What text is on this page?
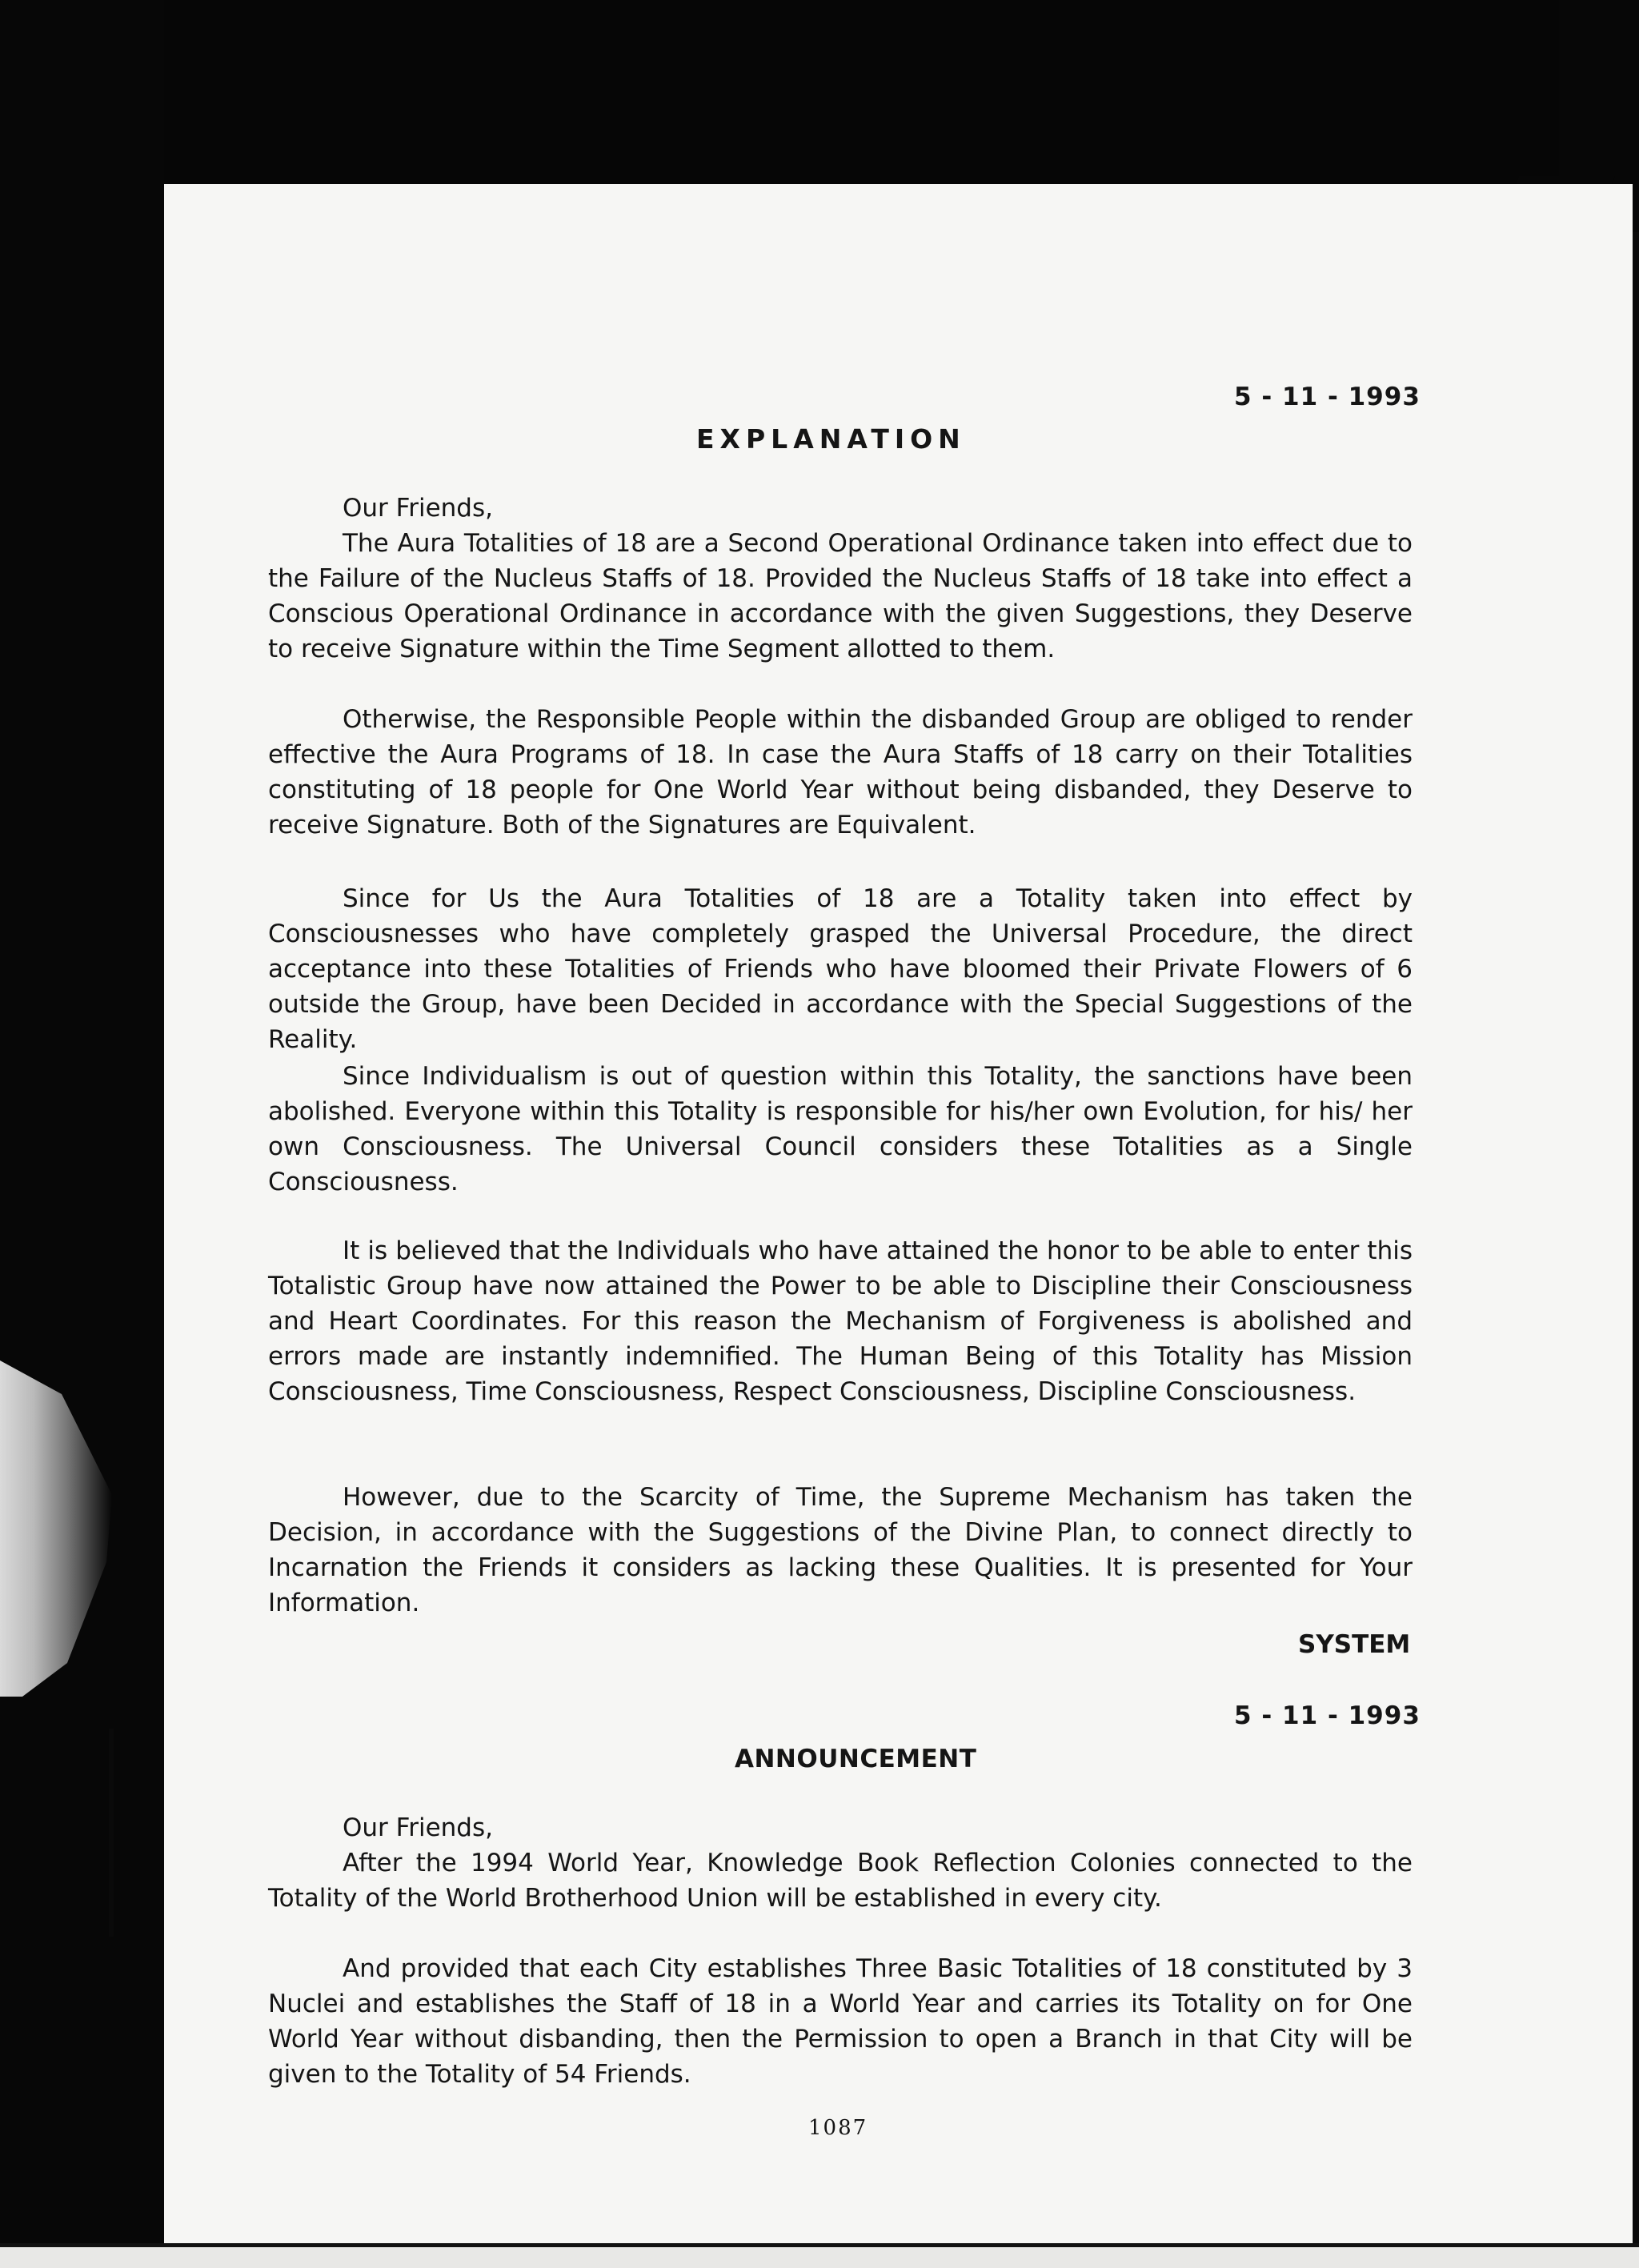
5 - 11 - 1993
EXPLANATION

Our Friends,

The Aura Totalities of 18 are a Second Operational Ordinance taken into effect due to the Failure of the Nucleus Staffs of 18. Provided the Nucleus Staffs of 18 take into effect a Conscious Operational Ordinance in accordance with the given Suggestions, they Deserve to receive Signature within the Time Segment allotted to them.

Otherwise, the Responsible People within the disbanded Group are obliged to render effective the Aura Programs of 18. In case the Aura Staffs of 18 carry on their Totalities constituting of 18 people for One World Year without being disbanded, they Deserve to receive Signature. Both of the Signatures are Equivalent.

Since for Us the Aura Totalities of 18 are a Totality taken into effect by Consciousnesses who have completely grasped the Universal Procedure, the direct acceptance into these Totalities of Friends who have bloomed their Private Flowers of 6 outside the Group, have been Decided in accordance with the Special Suggestions of the Reality.

Since Individualism is out of question within this Totality, the sanctions have been abolished. Everyone within this Totality is responsible for his/her own Evolution, for his/ her own Consciousness. The Universal Council considers these Totalities as a Single Consciousness.

It is believed that the Individuals who have attained the honor to be able to enter this Totalistic Group have now attained the Power to be able to Discipline their Consciousness and Heart Coordinates. For this reason the Mechanism of Forgiveness is abolished and errors made are instantly indemnified. The Human Being of this Totality has Mission Consciousness, Time Consciousness, Respect Consciousness, Discipline Consciousness.

However, due to the Scarcity of Time, the Supreme Mechanism has taken the Decision, in accordance with the Suggestions of the Divine Plan, to connect directly to Incarnation the Friends it considers as lacking these Qualities. It is presented for Your Information.

SYSTEM
5 - 11 - 1993
ANNOUNCEMENT

Our Friends,

After the 1994 World Year, Knowledge Book Reflection Colonies connected to the Totality of the World Brotherhood Union will be established in every city.

And provided that each City establishes Three Basic Totalities of 18 constituted by 3 Nuclei and establishes the Staff of 18 in a World Year and carries its Totality on for One World Year without disbanding, then the Permission to open a Branch in that City will be given to the Totality of 54 Friends.

1087
